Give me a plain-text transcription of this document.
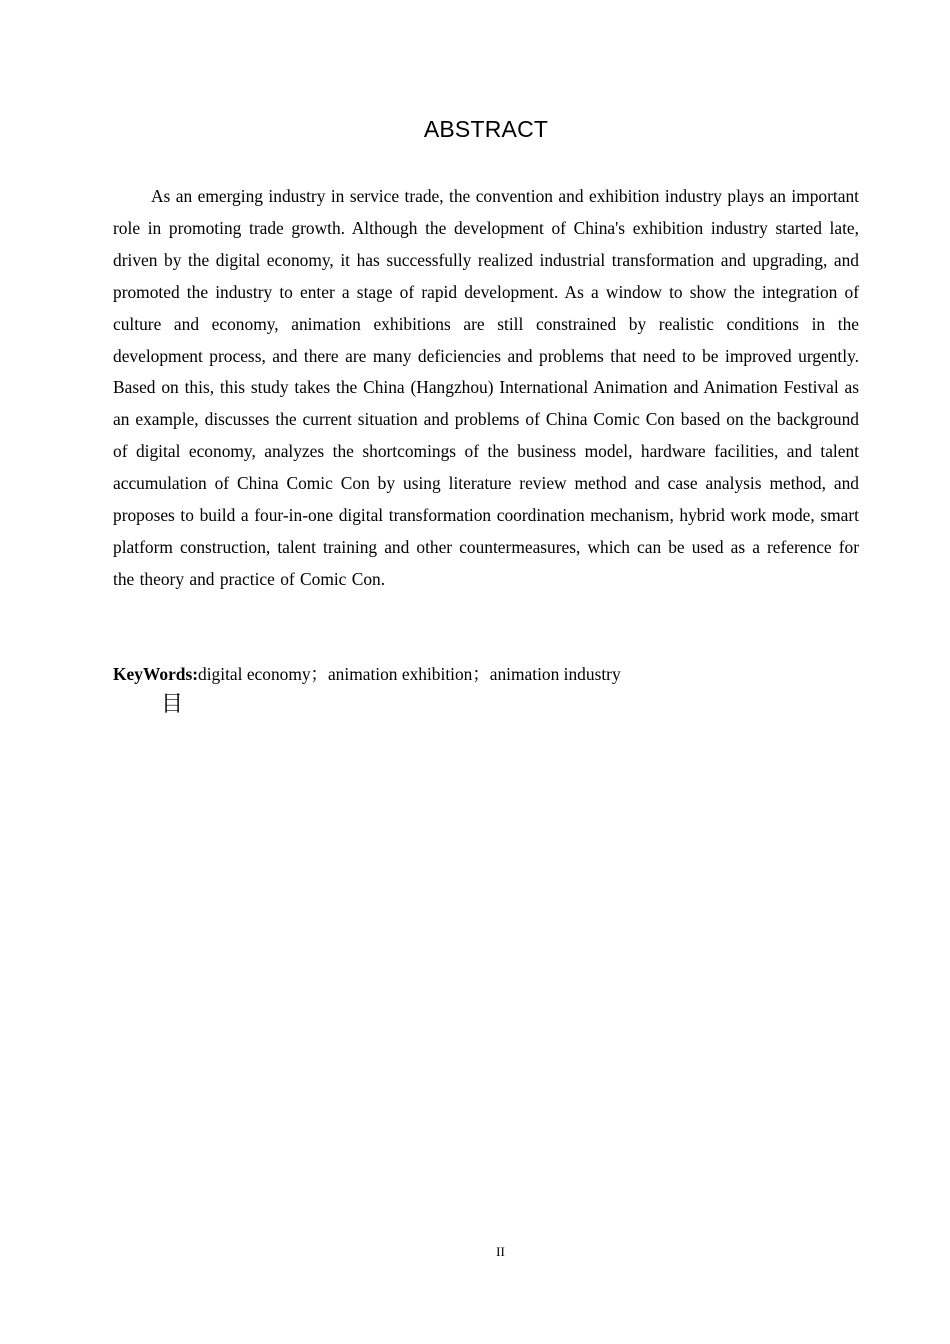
ABSTRACT

As an emerging industry in service trade, the convention and exhibition industry plays an important role in promoting trade growth. Although the development of China's exhibition industry started late, driven by the digital economy, it has successfully realized industrial transformation and upgrading, and promoted the industry to enter a stage of rapid development. As a window to show the integration of culture and economy, animation exhibitions are still constrained by realistic conditions in the development process, and there are many deficiencies and problems that need to be improved urgently. Based on this, this study takes the China (Hangzhou) International Animation and Animation Festival as an example, discusses the current situation and problems of China Comic Con based on the background of digital economy, analyzes the shortcomings of the business model, hardware facilities, and talent accumulation of China Comic Con by using literature review method and case analysis method, and proposes to build a four-in-one digital transformation coordination mechanism, hybrid work mode, smart platform construction, talent training and other countermeasures, which can be used as a reference for the theory and practice of Comic Con.

KeyWords:digital economy；animation exhibition；animation industry

目
II
